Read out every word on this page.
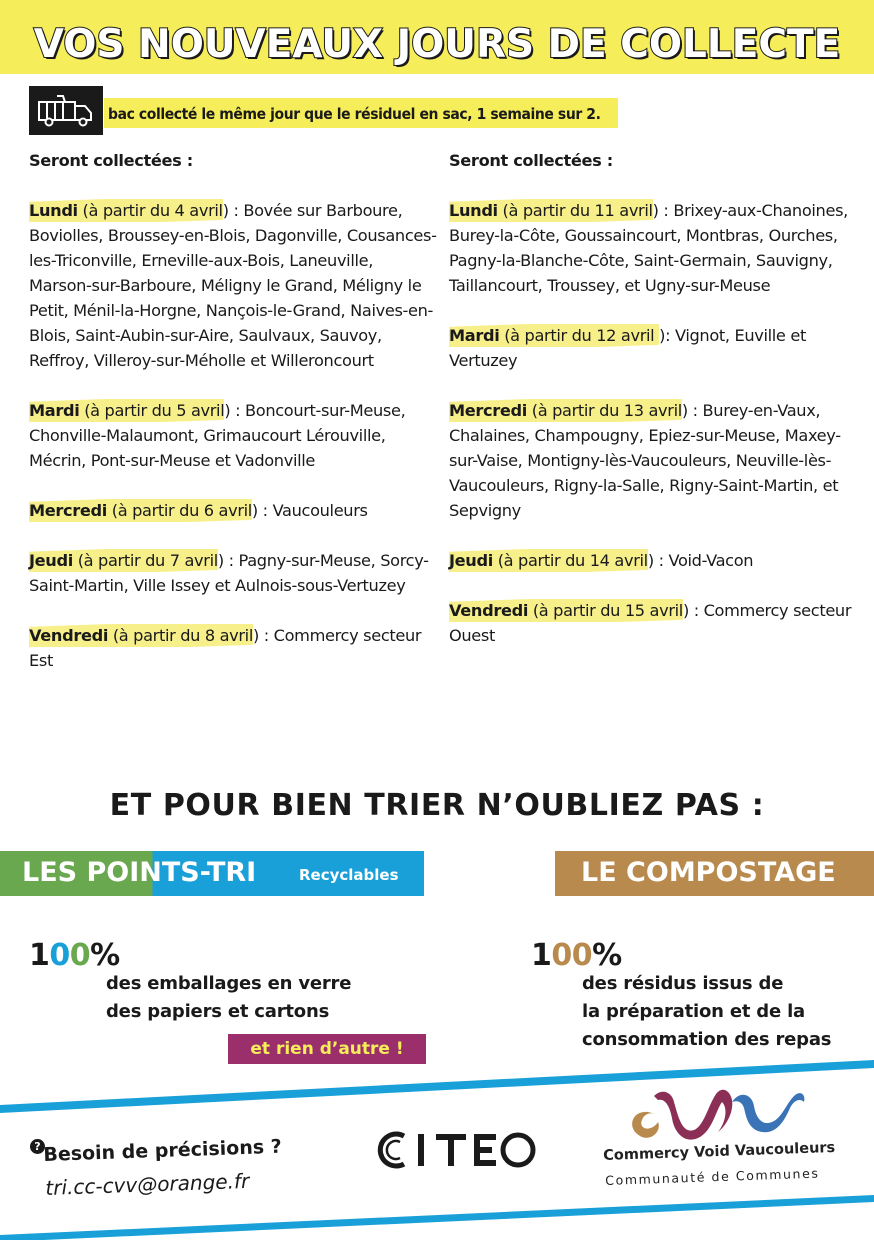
VOS NOUVEAUX JOURS DE COLLECTE
bac collecté le même jour que le résiduel en sac, 1 semaine sur 2.
Seront collectées :
Lundi (à partir du 4 avril) : Bovée sur Barboure, Boviolles, Broussey-en-Blois, Dagonville, Cousances-les-Triconville, Erneville-aux-Bois, Laneuville, Marson-sur-Barboure, Méligny le Grand, Méligny le Petit, Ménil-la-Horgne, Nançois-le-Grand, Naives-en-Blois, Saint-Aubin-sur-Aire, Saulvaux, Sauvoy, Reffroy, Villeroy-sur-Méholle et Willeroncourt
Mardi (à partir du 5 avril) : Boncourt-sur-Meuse, Chonville-Malaumont, Grimaucourt Lérouville, Mécrin, Pont-sur-Meuse et Vadonville
Mercredi (à partir du 6 avril) : Vaucouleurs
Jeudi (à partir du 7 avril) : Pagny-sur-Meuse, Sorcy-Saint-Martin, Ville Issey et Aulnois-sous-Vertuzey
Vendredi (à partir du 8 avril) : Commercy secteur Est
Seront collectées :
Lundi (à partir du 11 avril) : Brixey-aux-Chanoines, Burey-la-Côte, Goussaincourt, Montbras, Ourches, Pagny-la-Blanche-Côte, Saint-Germain, Sauvigny, Taillancourt, Troussey, et Ugny-sur-Meuse
Mardi (à partir du 12 avril ): Vignot, Euville et Vertuzey
Mercredi (à partir du 13 avril) : Burey-en-Vaux, Chalaines, Champougny, Epiez-sur-Meuse, Maxey-sur-Vaise, Montigny-lès-Vaucouleurs, Neuville-lès-Vaucouleurs, Rigny-la-Salle, Rigny-Saint-Martin, et Sepvigny
Jeudi (à partir du 14 avril) : Void-Vacon
Vendredi (à partir du 15 avril) : Commercy secteur Ouest
ET POUR BIEN TRIER N’OUBLIEZ PAS :
LES POINTS-TRI	Recyclables	LE COMPOSTAGE
100%
des emballages en verre
des papiers et cartons
et rien d’autre !
100%
des résidus issus de
la préparation et de la
consommation des repas
? Besoin de précisions ?
tri.cc-cvv@orange.fr
Commercy Void Vaucouleurs
Communauté de Communes
